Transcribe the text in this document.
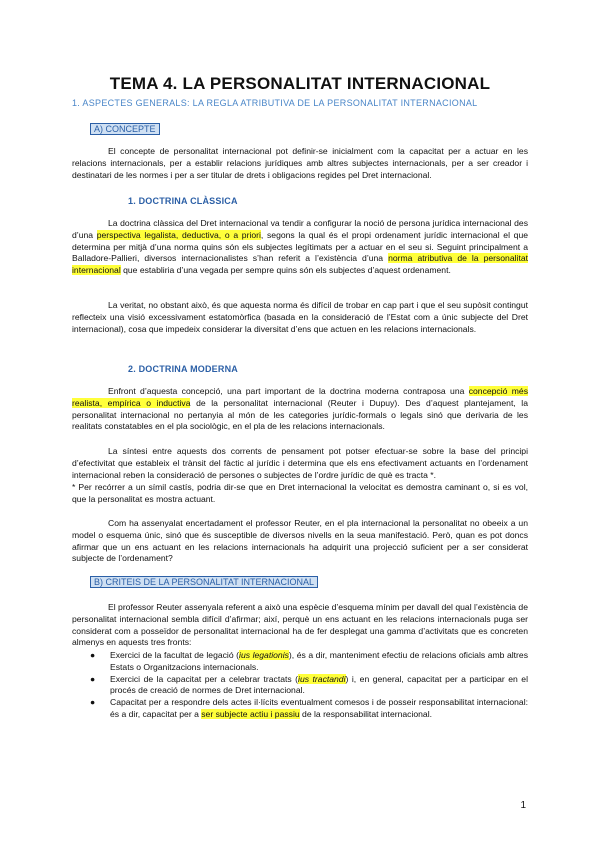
TEMA 4. LA PERSONALITAT INTERNACIONAL

1. ASPECTES GENERALS: LA REGLA ATRIBUTIVA DE LA PERSONALITAT INTERNACIONAL

A) CONCEPTE

El concepte de personalitat internacional pot definir-se inicialment com la capacitat per a actuar en les relacions internacionals, per a establir relacions jurídiques amb altres subjectes internacionals, per a ser creador i destinatari de les normes i per a ser titular de drets i obligacions regides pel Dret internacional.

1. DOCTRINA CLÀSSICA

La doctrina clàssica del Dret internacional va tendir a configurar la noció de persona jurídica internacional des d’una perspectiva legalista, deductiva, o a priori, segons la qual és el propi ordenament jurídic internacional el que determina per mitjà d’una norma quins són els subjectes legítimats per a actuar en el seu si. Seguint principalment a Balladore-Pallieri, diversos internacionalistes s’han referit a l’existència d’una norma atributiva de la personalitat internacional que establiria d’una vegada per sempre quins són els subjectes d’aquest ordenament.

La veritat, no obstant això, és que aquesta norma és difícil de trobar en cap part i que el seu supòsit contingut reflecteix una visió excessivament estatomòrfica (basada en la consideració de l’Estat com a únic subjecte del Dret internacional), cosa que impedeix considerar la diversitat d’ens que actuen en les relacions internacionals.

2. DOCTRINA MODERNA

Enfront d’aquesta concepció, una part important de la doctrina moderna contraposa una concepció més realista, empírica o inductiva de la personalitat internacional (Reuter i Dupuy). Des d’aquest plantejament, la personalitat internacional no pertanyia al món de les categories jurídic-formals o legals sinó que derivaria de les realitats constatables en el pla sociològic, en el pla de les relacions internacionals.

La síntesi entre aquests dos corrents de pensament pot potser efectuar-se sobre la base del principi d’efectivitat que estableix el trànsit del fàctic al jurídic i determina que els ens efectivament actuants en l’ordenament internacional reben la consideració de persones o subjectes de l’ordre jurídic de què es tracta *.

* Per recórrer a un símil castís, podria dir-se que en Dret internacional la velocitat es demostra caminant o, si es vol, que la personalitat es mostra actuant.

Com ha assenyalat encertadament el professor Reuter, en el pla internacional la personalitat no obeeix a un model o esquema únic, sinó que és susceptible de diversos nivells en la seua manifestació. Però, quan es pot doncs afirmar que un ens actuant en les relacions internacionals ha adquirit una projecció suficient per a ser considerat subjecte de l’ordenament?

B) CRITEIS DE LA PERSONALITAT INTERNACIONAL

El professor Reuter assenyala referent a això una espècie d’esquema mínim per davall del qual l’existència de personalitat internacional sembla difícil d’afirmar; així, perquè un ens actuant en les relacions internacionals puga ser considerat com a posseïdor de personalitat internacional ha de fer desplegat una gamma d’activitats que es concreten almenys en aquests tres fronts:

● Exercici de la facultat de legació (ius legationis), és a dir, manteniment efectiu de relacions oficials amb altres Estats o Organitzacions internacionals.
● Exercici de la capacitat per a celebrar tractats (ius tractandi) i, en general, capacitat per a participar en el procés de creació de normes de Dret internacional.
● Capacitat per a respondre dels actes il·lícits eventualment comesos i de posseir responsabilitat internacional: és a dir, capacitat per a ser subjecte actiu i passiu de la responsabilitat internacional.

1
